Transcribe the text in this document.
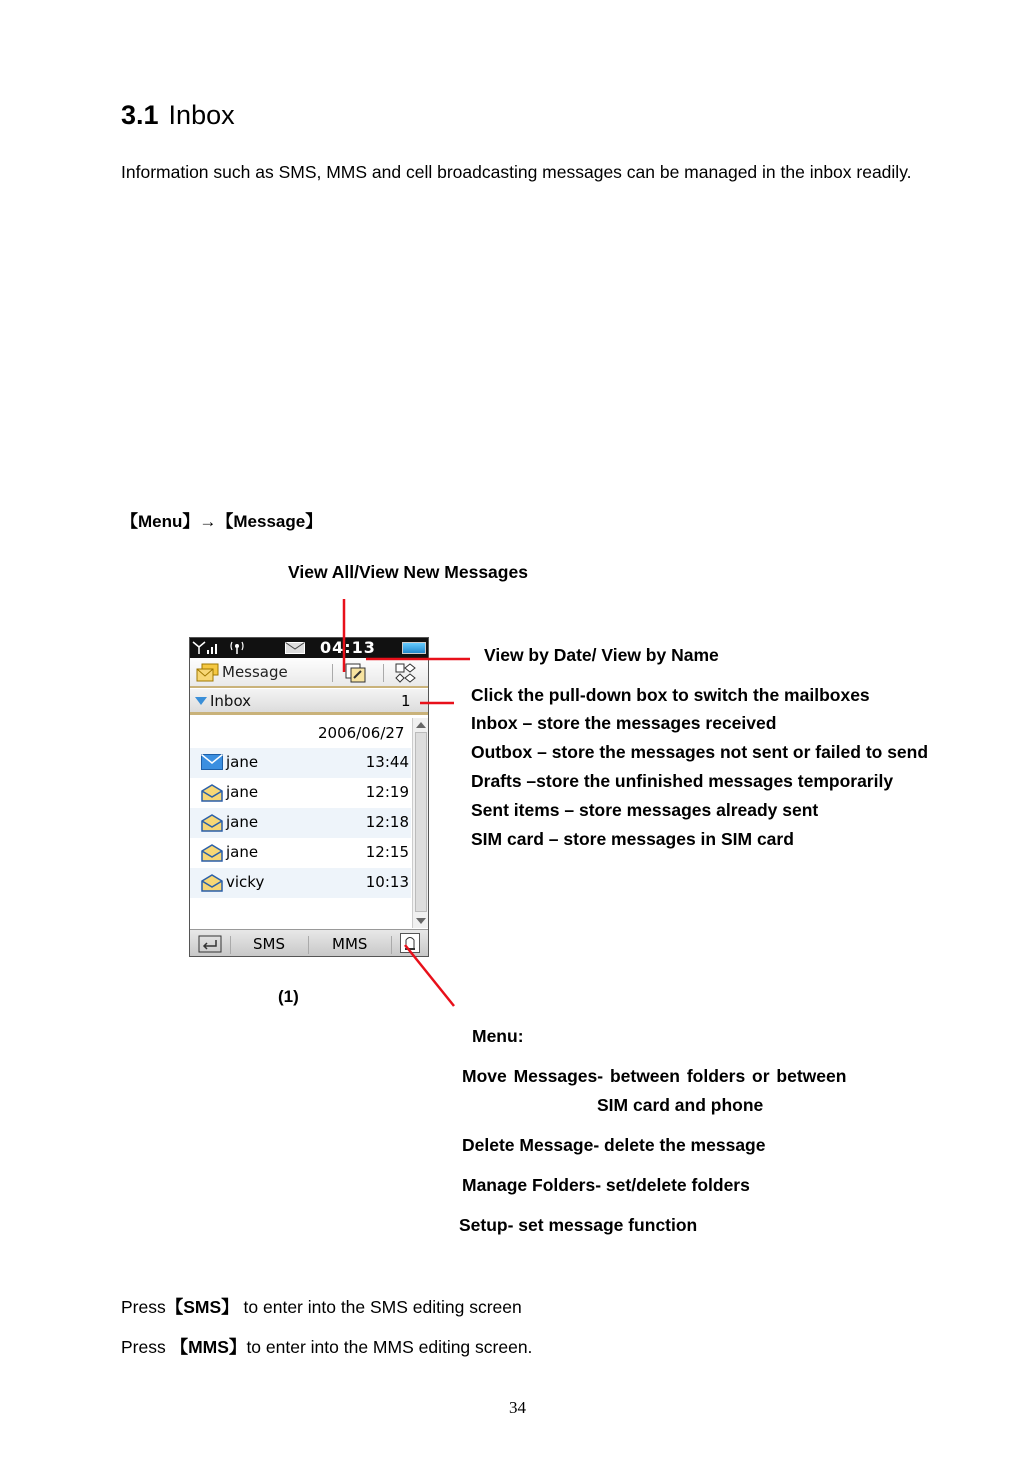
3.1 Inbox
Information such as SMS, MMS and cell broadcasting messages can be managed in the inbox readily.
【Menu】→【Message】
View All/View New Messages
View by Date/ View by Name
Click the pull-down box to switch the mailboxes
Inbox – store the messages received
Outbox – store the messages not sent or failed to send
Drafts –store the unfinished messages temporarily
Sent items – store messages already sent
SIM card – store messages in SIM card
04:13
Message
Inbox	1
2006/06/27
jane	13:44
jane	12:19
jane	12:18
jane	12:15
vicky	10:13
SMS	MMS
(1)
Menu:
Move Messages- between folders or between
SIM card and phone
Delete Message- delete the message
Manage Folders- set/delete folders
Setup- set message function
Press【SMS】 to enter into the SMS editing screen
Press 【MMS】to enter into the MMS editing screen.
34
